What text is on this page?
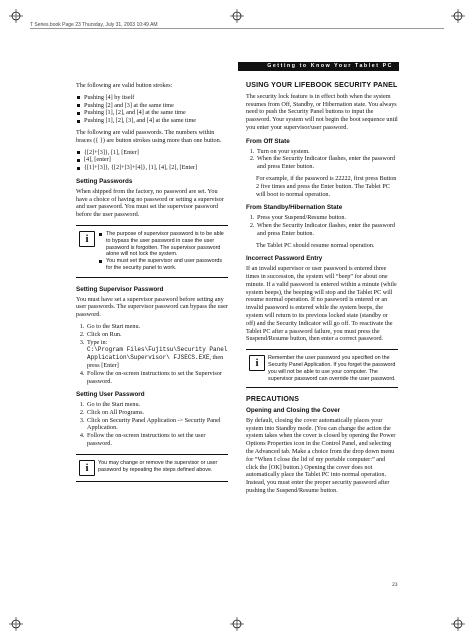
T Series.book Page 23 Thursday, July 31, 2003 10:49 AM
Getting to Know Your Tablet PC

The following are valid button strokes:

Pushing [4] by itself
Pushing [2] and [3] at the same time
Pushing [1], [2], and [4] at the same time
Pushing [1], [2], [3], and [4] at the same time

The following are valid passwords. The numbers within braces ({ }) are button strokes using more than one button.

{[2]+[3]}, [1], [Enter]
[4], [enter]
{[1]+[3]}, {[2]+[3]+[4]}, [1], [4], [2], [Enter]
Setting Passwords

When shipped from the factory, no password are set. You have a choice of having no password or setting a supervisor and user password. You must set the supervisor password before the user password.

i	The purpose of supervisor password is to be able to bypass the user password in case the user password is forgotten. The supervisor password alone will not lock the system.
You must set the supervisor and user passwords for the security panel to work.
Setting Supervisor Password

You must have set a supervisor password before setting any user passwords. The supervisor password can bypass the user password.

1. Go to the Start menu.
2. Click on Run.
3. Type in:
C:\Program Files\Fujitsu\Security Panel Application\Supervisor\ FJSECS.EXE, then press [Enter]
4. Follow the on-screen instructions to set the Supervisor password.
Setting User Password
1. Go to the Start menu.
2. Click on All Programs.
3. Click on Security Panel Application -> Security Panel Application.
4. Follow the on-screen instructions to set the user password.
i	You may change or remove the supervisor or user password by repeating the steps defined above.
USING YOUR LIFEBOOK SECURITY PANEL

The security lock feature is in effect both when the system resumes from Off, Standby, or Hibernation state. You always need to push the Security Panel buttons to input the password. Your system will not begin the boot sequence until you enter your supervisor/user password.

From Off State
1. Turn on your system.
2. When the Security Indicator flashes, enter the password and press Enter button.

For example, if the password is 22222, first press Button 2 five times and press the Enter button. The Tablet PC will boot to normal operation.

From Standby/Hibernation State
1. Press your Suspend/Resume button.
2. When the Security Indicator flashes, enter the password and press Enter button.

The Tablet PC should resume normal operation.

Incorrect Password Entry

If an invalid supervisor or user password is entered three times in succession, the system will “beep” for about one minute. If a valid password is entered within a minute (while system beeps), the beeping will stop and the Tablet PC will resume normal operation. If no password is entered or an invalid password is entered while the system beeps, the system will return to its previous locked state (standby or off) and the Security Indicator will go off. To reactivate the Tablet PC after a password failure, you must press the Suspend/Resume button, then enter a correct password.

i	Remember the user password you specified on the Security Panel Application. If you forget the password you will not be able to use your computer. The supervisor password can override the user password.
PRECAUTIONS
Opening and Closing the Cover

By default, closing the cover automatically places your system into Standby mode. (You can change the action the system takes when the cover is closed by opening the Power Options Properties icon in the Control Panel, and selecting the Advanced tab. Make a choice from the drop down menu for “When I close the lid of my portable computer:” and click the [OK] button.) Opening the cover does not automatically place the Tablet PC into normal operation. Instead, you must enter the proper security password after pushing the Suspend/Resume button.

23
